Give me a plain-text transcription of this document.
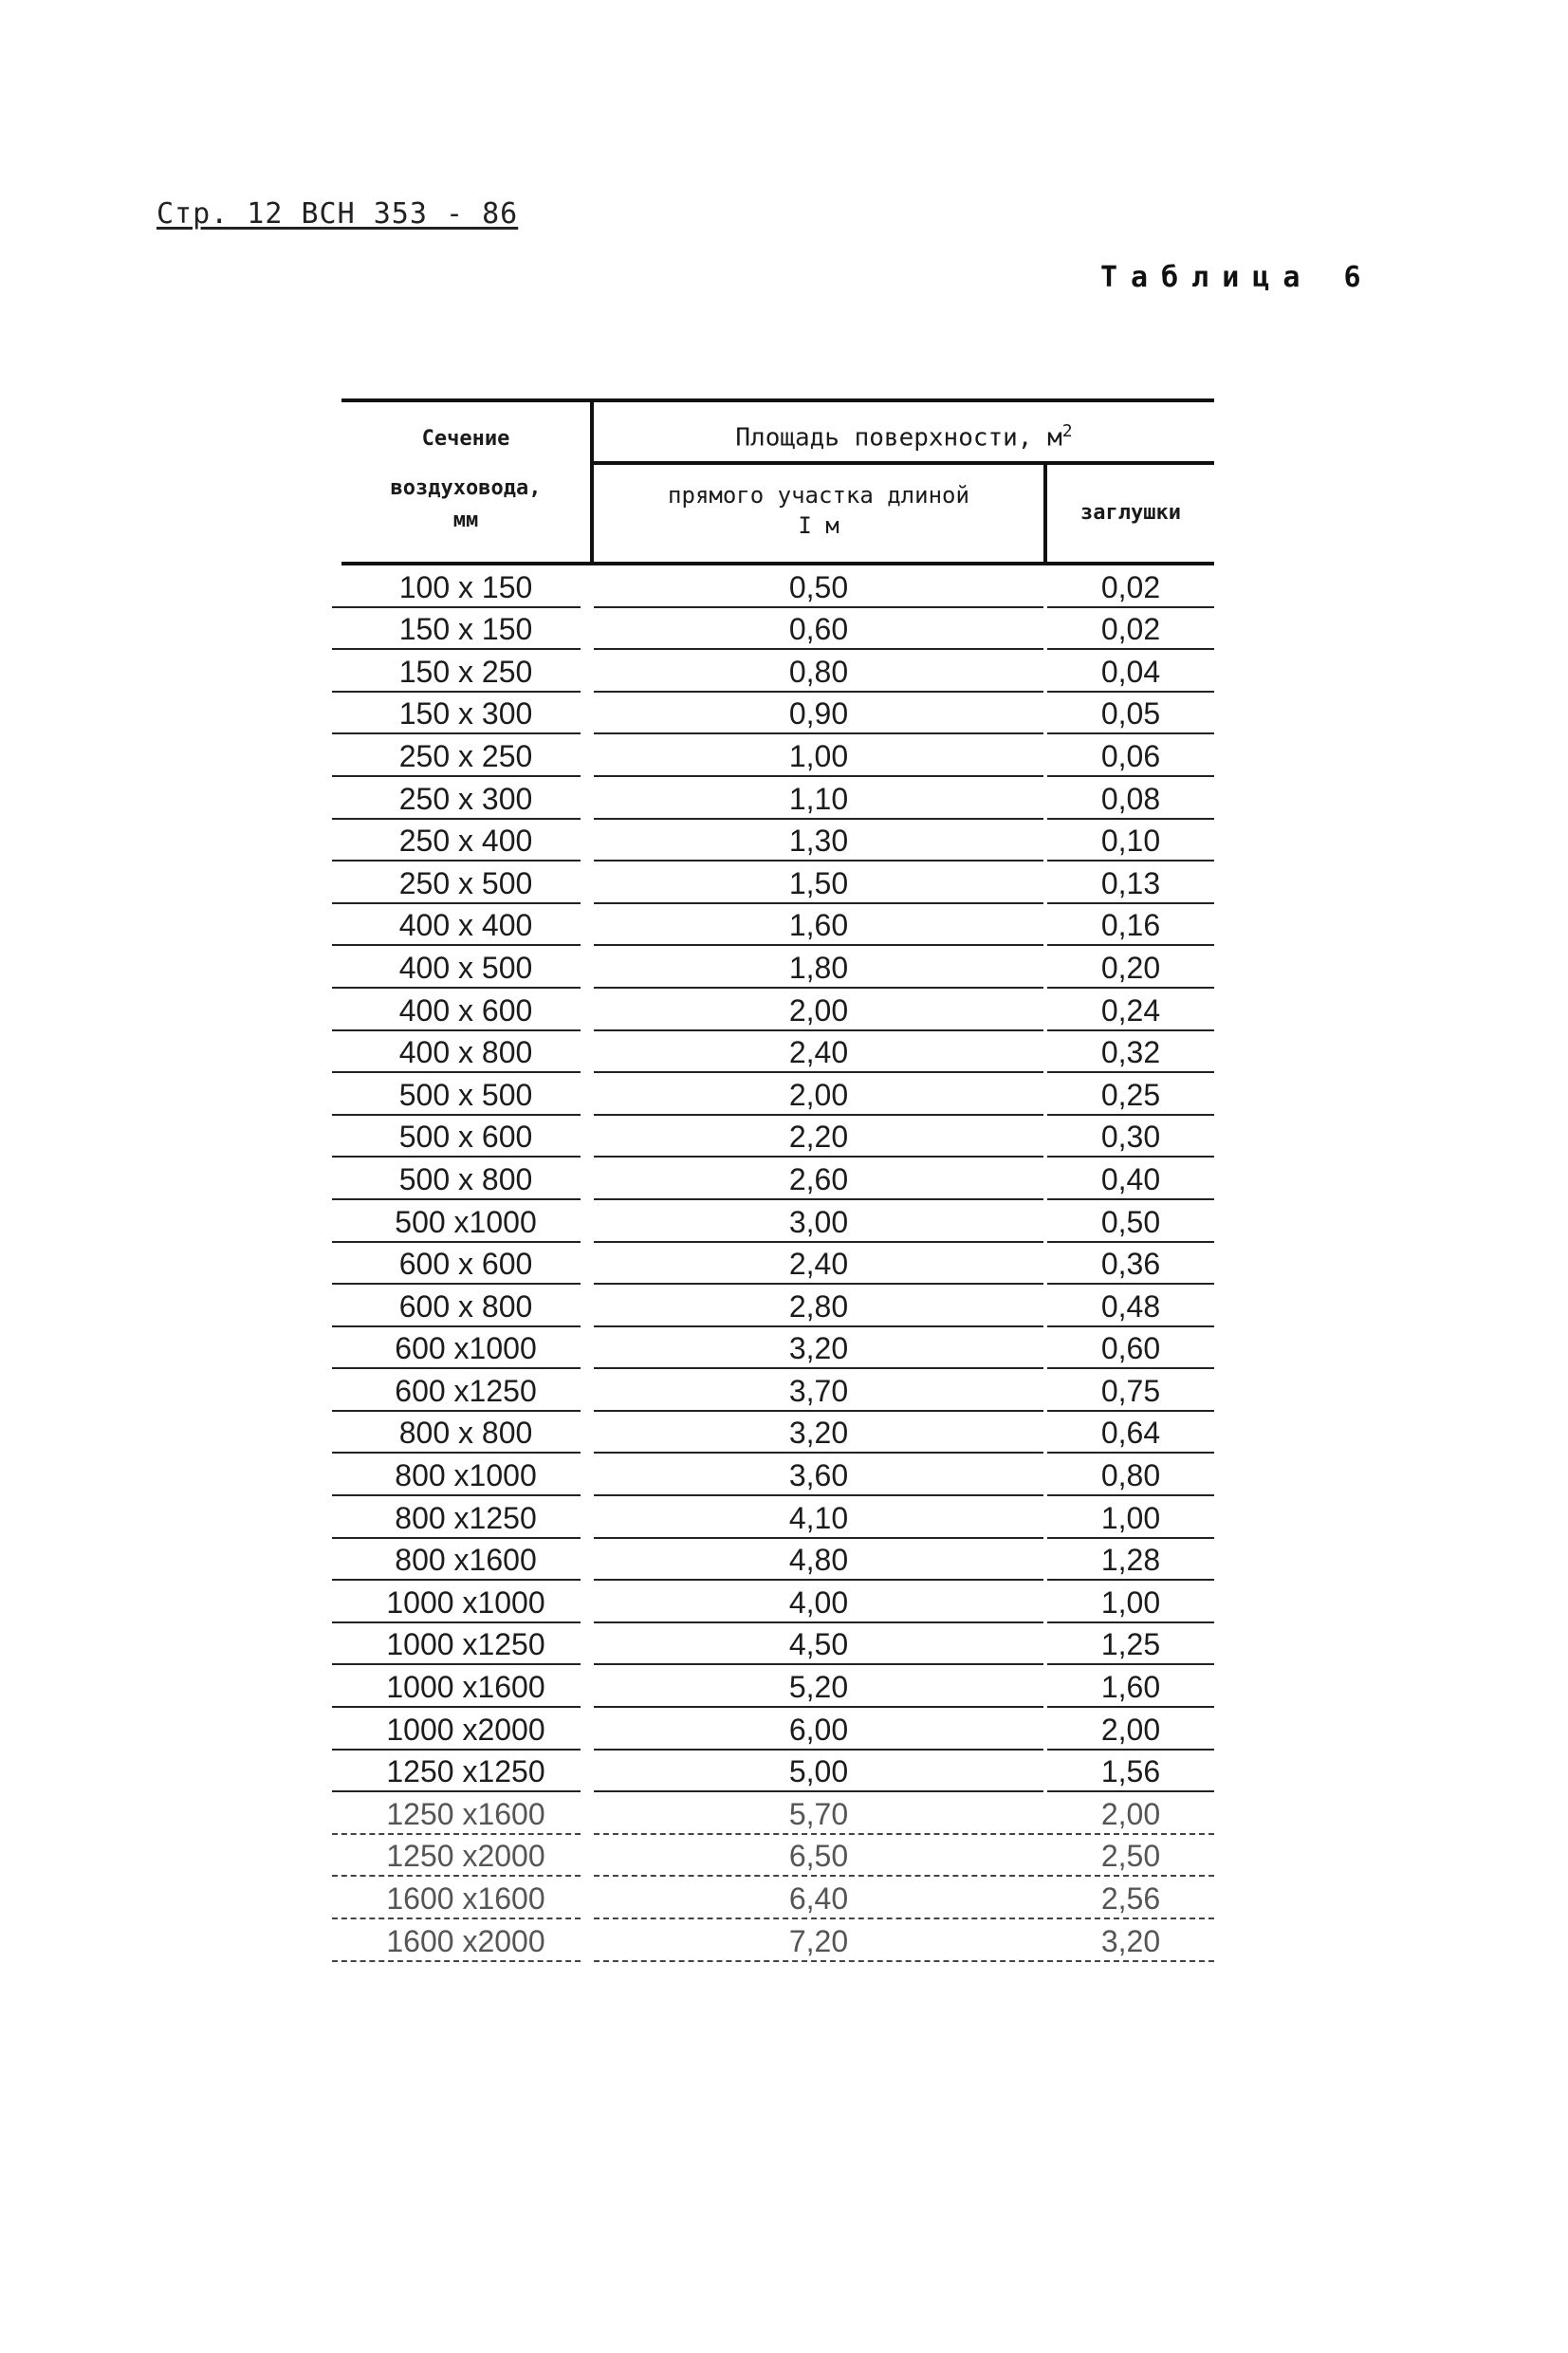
Стр. 12 ВСН 353 - 86
Таблица 6
Сечение
воздуховода,
мм
Площадь поверхности, $м^2$
прямого участка длиной
I м	заглушки
100 x 150	0,50	0,02
150 x 150	0,60	0,02
150 x 250	0,80	0,04
150 x 300	0,90	0,05
250 x 250	1,00	0,06
250 x 300	1,10	0,08
250 x 400	1,30	0,10
250 x 500	1,50	0,13
400 x 400	1,60	0,16
400 x 500	1,80	0,20
400 x 600	2,00	0,24
400 x 800	2,40	0,32
500 x 500	2,00	0,25
500 x 600	2,20	0,30
500 x 800	2,60	0,40
500 x1000	3,00	0,50
600 x 600	2,40	0,36
600 x 800	2,80	0,48
600 x1000	3,20	0,60
600 x1250	3,70	0,75
800 x 800	3,20	0,64
800 x1000	3,60	0,80
800 x1250	4,10	1,00
800 x1600	4,80	1,28
1000 x1000	4,00	1,00
1000 x1250	4,50	1,25
1000 x1600	5,20	1,60
1000 x2000	6,00	2,00
1250 x1250	5,00	1,56
1250 x1600	5,70	2,00
1250 x2000	6,50	2,50
1600 x1600	6,40	2,56
1600 x2000	7,20	3,20
